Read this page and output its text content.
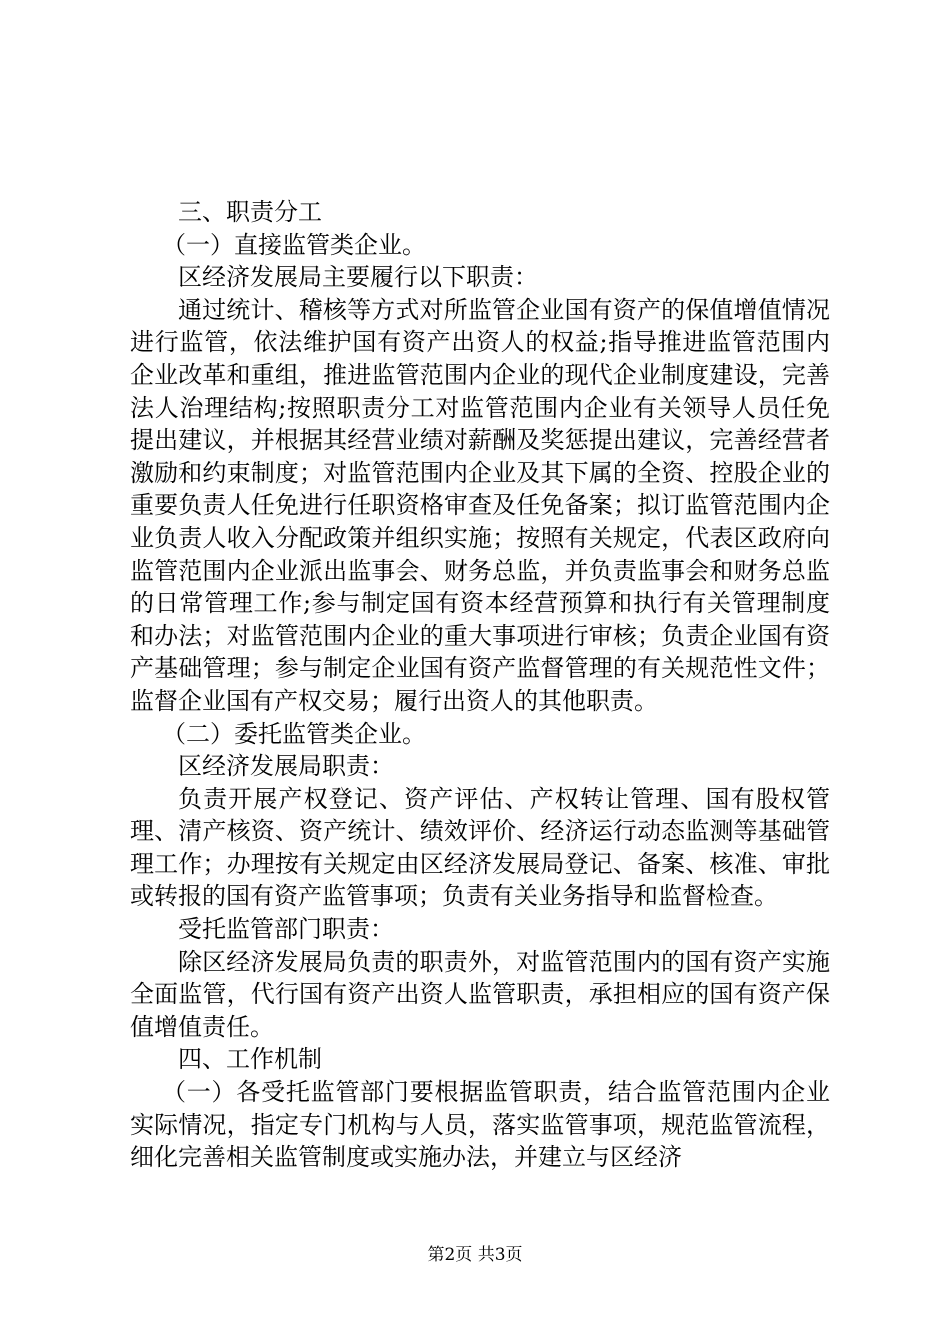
三、职责分工

（一）直接监管类企业。

区经济发展局主要履行以下职责：

通过统计、稽核等方式对所监管企业国有资产的保值增值情况进行监管，依法维护国有资产出资人的权益;指导推进监管范围内企业改革和重组，推进监管范围内企业的现代企业制度建设，完善法人治理结构;按照职责分工对监管范围内企业有关领导人员任免提出建议，并根据其经营业绩对薪酬及奖惩提出建议，完善经营者激励和约束制度；对监管范围内企业及其下属的全资、控股企业的重要负责人任免进行任职资格审查及任免备案；拟订监管范围内企业负责人收入分配政策并组织实施；按照有关规定，代表区政府向监管范围内企业派出监事会、财务总监，并负责监事会和财务总监的日常管理工作;参与制定国有资本经营预算和执行有关管理制度和办法；对监管范围内企业的重大事项进行审核；负责企业国有资产基础管理；参与制定企业国有资产监督管理的有关规范性文件；监督企业国有产权交易；履行出资人的其他职责。

（二）委托监管类企业。

区经济发展局职责：

负责开展产权登记、资产评估、产权转让管理、国有股权管理、清产核资、资产统计、绩效评价、经济运行动态监测等基础管理工作；办理按有关规定由区经济发展局登记、备案、核准、审批或转报的国有资产监管事项；负责有关业务指导和监督检查。

受托监管部门职责：

除区经济发展局负责的职责外，对监管范围内的国有资产实施全面监管，代行国有资产出资人监管职责，承担相应的国有资产保值增值责任。

四、工作机制

（一）各受托监管部门要根据监管职责，结合监管范围内企业实际情况，指定专门机构与人员，落实监管事项，规范监管流程，细化完善相关监管制度或实施办法，并建立与区经济

第2页 共3页
